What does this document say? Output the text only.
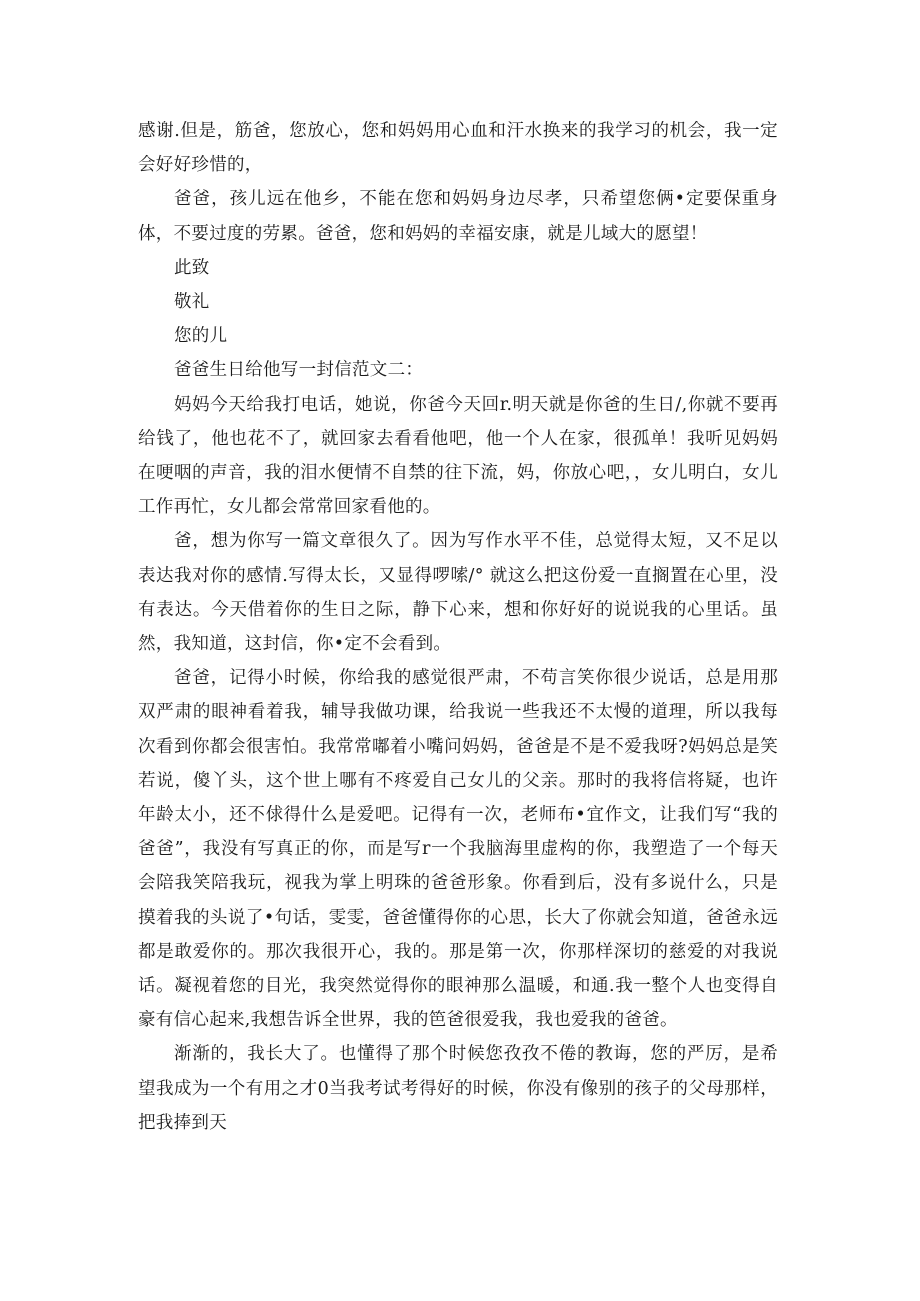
感谢.但是，筋爸，您放心，您和妈妈用心血和汗水换来的我学习的机会，我一定会好好珍惜的，

爸爸，孩儿远在他乡，不能在您和妈妈身边尽孝，只希望您俩•定要保重身体，不要过度的劳累。爸爸，您和妈妈的幸福安康，就是儿域大的愿望！

此致

敬礼

您的儿

爸爸生日给他写一封信范文二：

妈妈今天给我打电话，她说，你爸今天回r.明天就是你爸的生日/,你就不要再给钱了，他也花不了，就回家去看看他吧，他一个人在家，很孤单！我听见妈妈在哽咽的声音，我的泪水便情不自禁的往下流，妈，你放心吧，，女儿明白，女儿工作再忙，女儿都会常常回家看他的。

爸，想为你写一篇文章很久了。因为写作水平不佳，总觉得太短，又不足以表达我对你的感情.写得太长，又显得啰嗦/° 就这么把这份爱一直搁置在心里，没有表达。今天借着你的生日之际，静下心来，想和你好好的说说我的心里话。虽然，我知道，这封信，你•定不会看到。

爸爸，记得小时候，你给我的感觉很严肃，不苟言笑你很少说话，总是用那双严肃的眼神看着我，辅导我做功课，给我说一些我还不太慢的道理，所以我每次看到你都会很害怕。我常常嘟着小嘴问妈妈，爸爸是不是不爱我呀?妈妈总是笑若说，傻丫头，这个世上哪有不疼爱自己女儿的父亲。那时的我将信将疑，也许年龄太小，还不俅得什么是爱吧。记得有一次，老师布•宜作文，让我们写“我的爸爸”，我没有写真正的你，而是写r一个我脑海里虚构的你，我塑造了一个每天会陪我笑陪我玩，视我为掌上明珠的爸爸形象。你看到后，没有多说什么，只是摸着我的头说了•句话，雯雯，爸爸懂得你的心思，长大了你就会知道，爸爸永远都是敢爱你的。那次我很开心，我的。那是第一次，你那样深切的慈爱的对我说话。凝视着您的目光，我突然觉得你的眼神那么温暖，和通.我一整个人也变得自豪有信心起来,我想告诉全世界，我的笆爸很爱我，我也爱我的爸爸。

渐渐的，我长大了。也懂得了那个时候您孜孜不倦的教诲，您的严厉，是希望我成为一个有用之才0当我考试考得好的时候，你没有像别的孩子的父母那样，把我捧到天
